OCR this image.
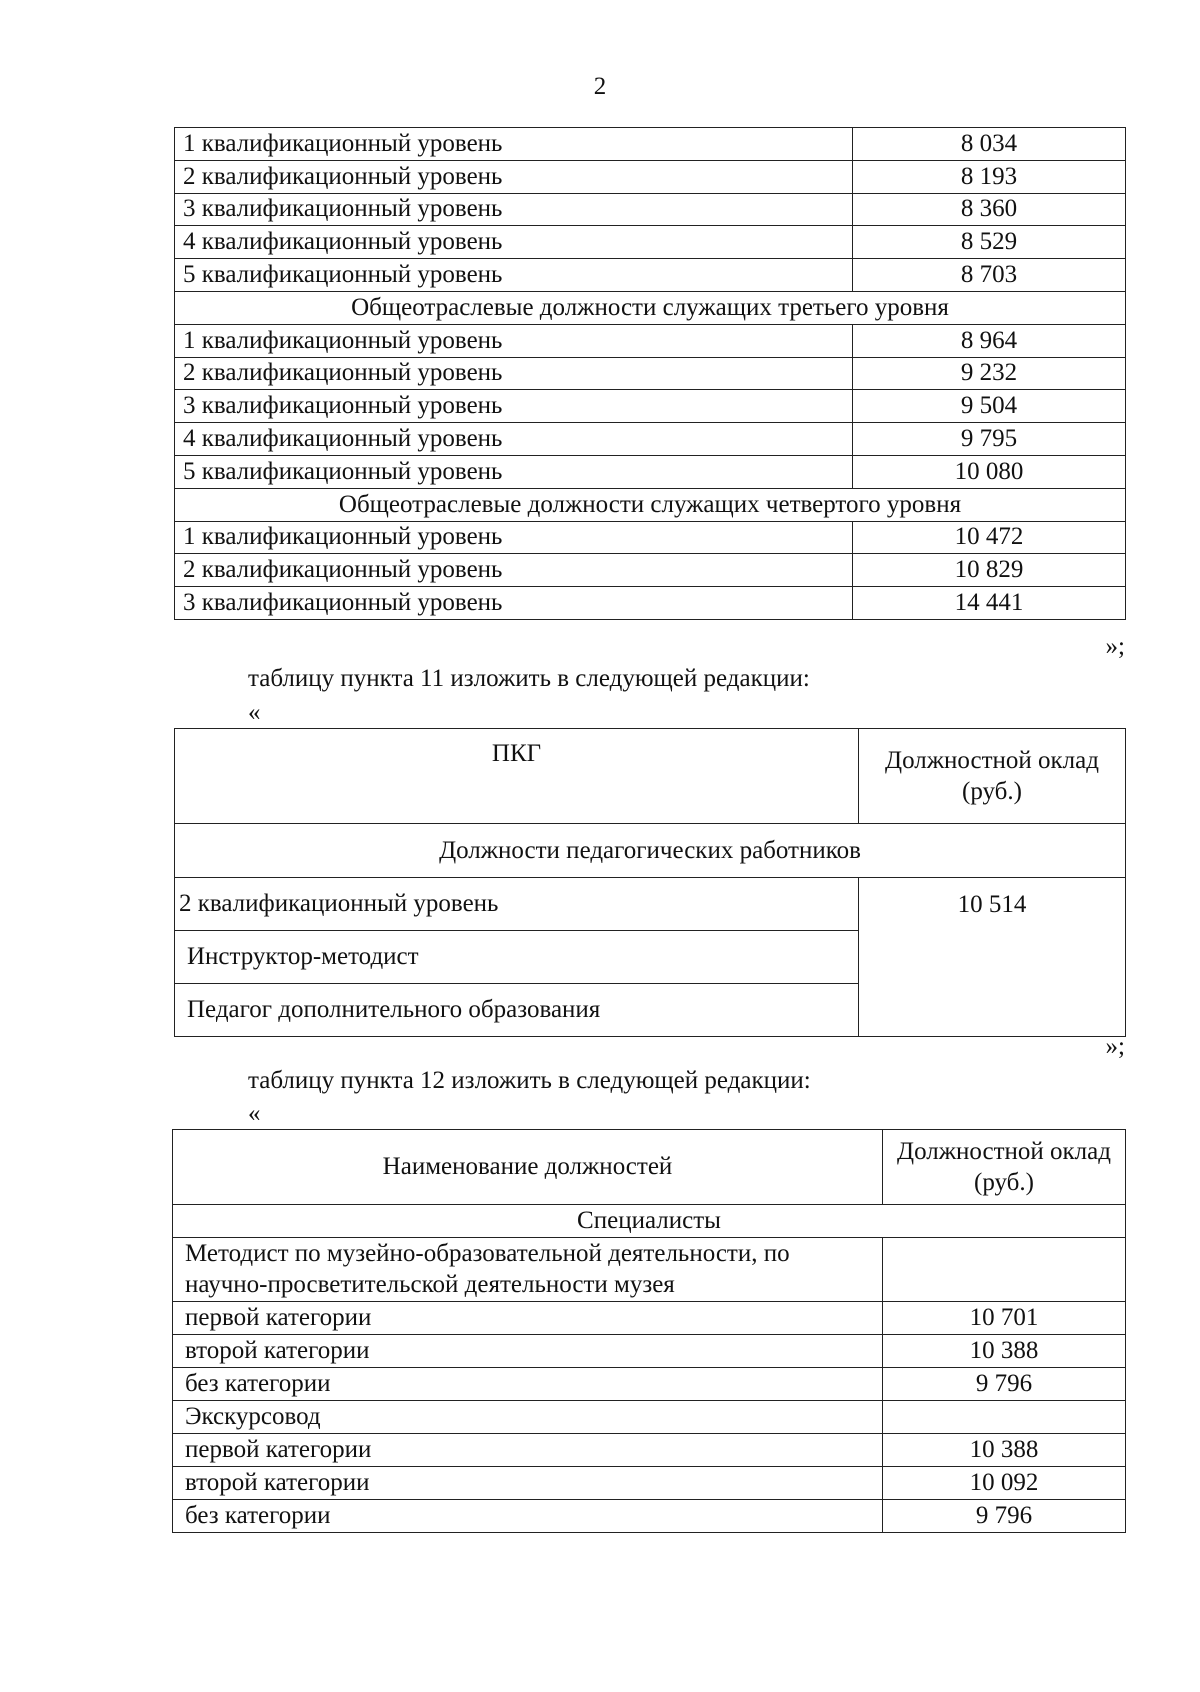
2
1 квалификационный уровень	8 034
2 квалификационный уровень	8 193
3 квалификационный уровень	8 360
4 квалификационный уровень	8 529
5 квалификационный уровень	8 703
Общеотраслевые должности служащих третьего уровня	
1 квалификационный уровень	8 964
2 квалификационный уровень	9 232
3 квалификационный уровень	9 504
4 квалификационный уровень	9 795
5 квалификационный уровень	10 080
Общеотраслевые должности служащих четвертого уровня	
1 квалификационный уровень	10 472
2 квалификационный уровень	10 829
3 квалификационный уровень	14 441
»;
таблицу пункта 11 изложить в следующей редакции:
«
ПКГ	Должностной оклад (руб.)
Должности педагогических работников	
2 квалификационный уровень	10 514
Инструктор-методист	
Педагог дополнительного образования	
»;
таблицу пункта 12 изложить в следующей редакции:
«
Наименование должностей	Должностной оклад (руб.)
Специалисты	
Методист по музейно-образовательной деятельности, по научно-просветительской деятельности музея	
первой категории	10 701
второй категории	10 388
без категории	9 796
Экскурсовод	
первой категории	10 388
второй категории	10 092
без категории	9 796
